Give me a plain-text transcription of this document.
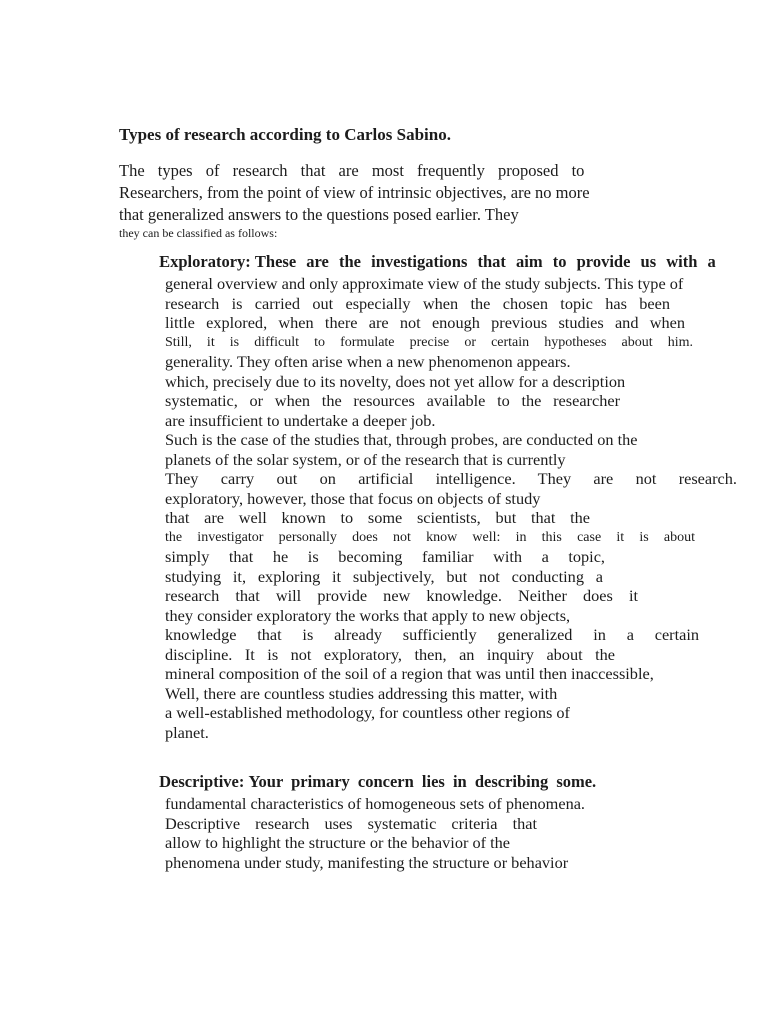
Types of research according to Carlos Sabino.
The types of research that are most frequently proposed to
Researchers, from the point of view of intrinsic objectives, are no more
that generalized answers to the questions posed earlier. They
they can be classified as follows:
Exploratory: These are the investigations that aim to provide us with a
general overview and only approximate view of the study subjects. This type of
research is carried out especially when the chosen topic has been
little explored, when there are not enough previous studies and when
Still, it is difficult to formulate precise or certain hypotheses about him.
generality. They often arise when a new phenomenon appears.
which, precisely due to its novelty, does not yet allow for a description
systematic, or when the resources available to the researcher
are insufficient to undertake a deeper job.
Such is the case of the studies that, through probes, are conducted on the
planets of the solar system, or of the research that is currently
They carry out on artificial intelligence. They are not research.
exploratory, however, those that focus on objects of study
that are well known to some scientists, but that the
the investigator personally does not know well: in this case it is about
simply that he is becoming familiar with a topic,
studying it, exploring it subjectively, but not conducting a
research that will provide new knowledge. Neither does it
they consider exploratory the works that apply to new objects,
knowledge that is already sufficiently generalized in a certain
discipline. It is not exploratory, then, an inquiry about the
mineral composition of the soil of a region that was until then inaccessible,
Well, there are countless studies addressing this matter, with
a well-established methodology, for countless other regions of
planet.
Descriptive: Your primary concern lies in describing some.
fundamental characteristics of homogeneous sets of phenomena.
Descriptive research uses systematic criteria that
allow to highlight the structure or the behavior of the
phenomena under study, manifesting the structure or behavior
